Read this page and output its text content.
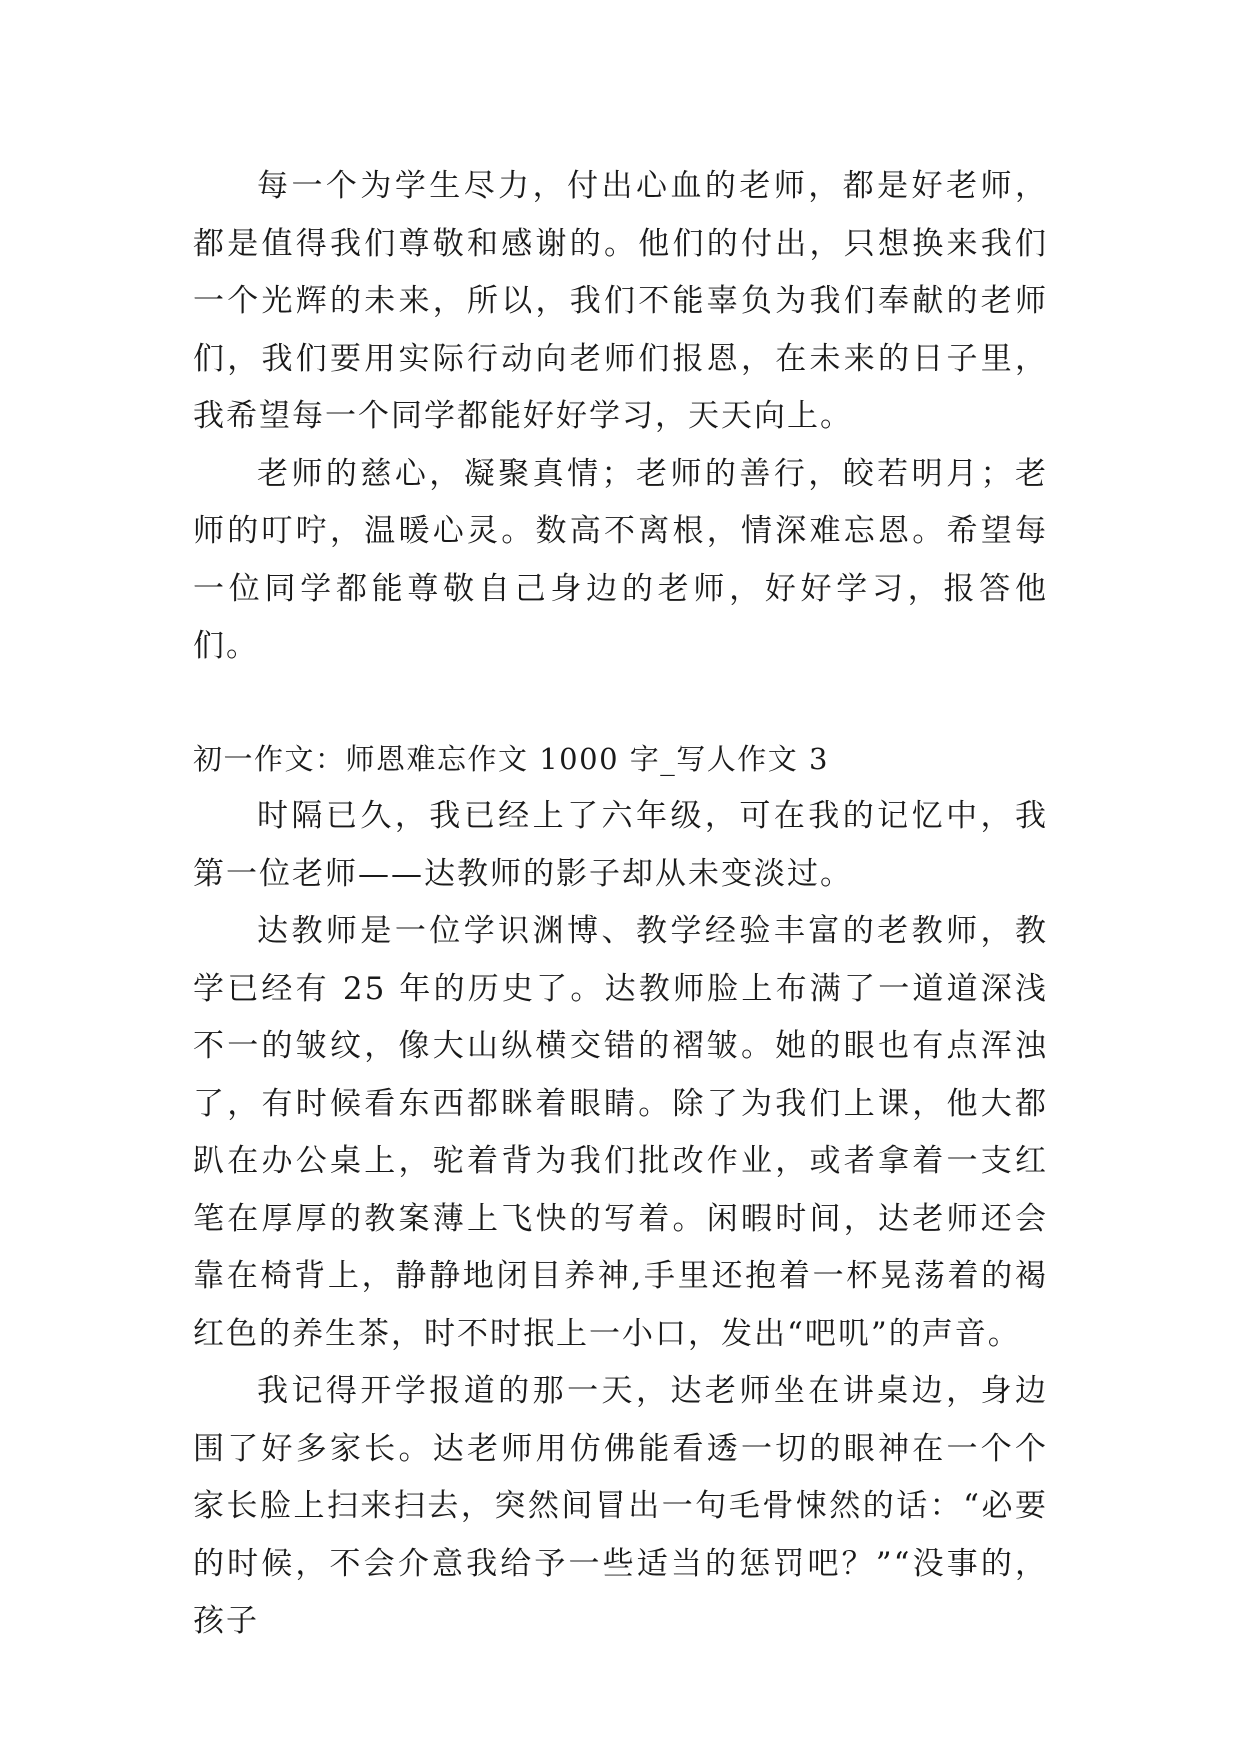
每一个为学生尽力，付出心血的老师，都是好老师，都是值得我们尊敬和感谢的。他们的付出，只想换来我们一个光辉的未来，所以，我们不能辜负为我们奉献的老师们，我们要用实际行动向老师们报恩，在未来的日子里，我希望每一个同学都能好好学习，天天向上。

老师的慈心，凝聚真情；老师的善行，皎若明月；老师的叮咛，温暖心灵。数高不离根，情深难忘恩。希望每一位同学都能尊敬自己身边的老师，好好学习，报答他们。

初一作文：师恩难忘作文 1000 字_写人作文 3

时隔已久，我已经上了六年级，可在我的记忆中，我第一位老师——达教师的影子却从未变淡过。

达教师是一位学识渊博、教学经验丰富的老教师，教学已经有 25 年的历史了。达教师脸上布满了一道道深浅不一的皱纹，像大山纵横交错的褶皱。她的眼也有点浑浊了，有时候看东西都眯着眼睛。除了为我们上课，他大都趴在办公桌上，驼着背为我们批改作业，或者拿着一支红笔在厚厚的教案薄上飞快的写着。闲暇时间，达老师还会靠在椅背上，静静地闭目养神,手里还抱着一杯晃荡着的褐红色的养生茶，时不时抿上一小口，发出“吧叽”的声音。

我记得开学报道的那一天，达老师坐在讲桌边，身边围了好多家长。达老师用仿佛能看透一切的眼神在一个个家长脸上扫来扫去，突然间冒出一句毛骨悚然的话：“必要的时候，不会介意我给予一些适当的惩罚吧？”“没事的，孩子
